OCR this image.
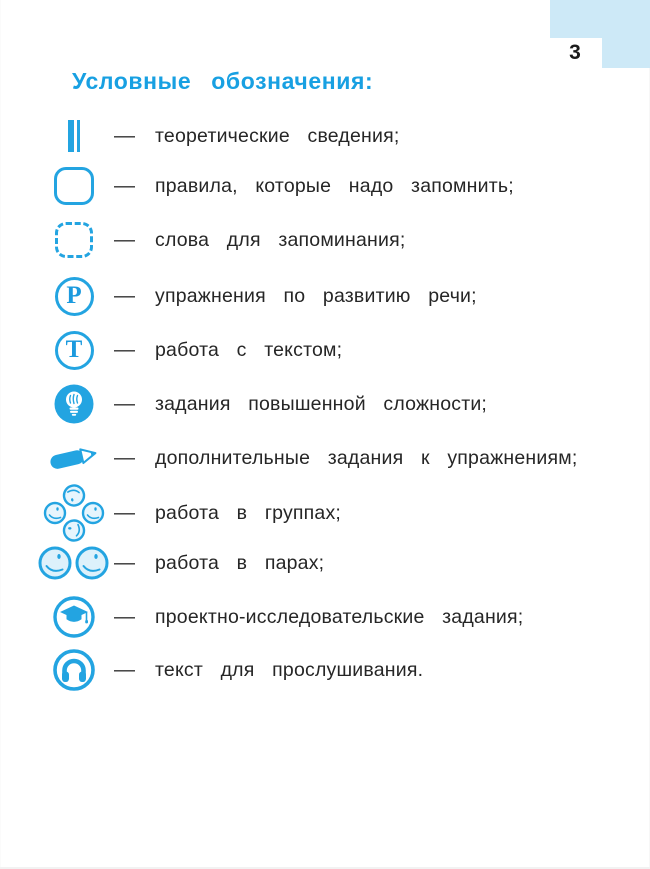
3
Условные обозначения:
—	теоретические сведения;
—	правила, которые надо запомнить;
—	слова для запоминания;
Р —	упражнения по развитию речи;
Т —	работа с текстом;
—	задания повышенной сложности;
—	дополнительные задания к упражнениям;
—	работа в группах;
—	работа в парах;
—	проектно-исследовательские задания;
—	текст для прослушивания.
